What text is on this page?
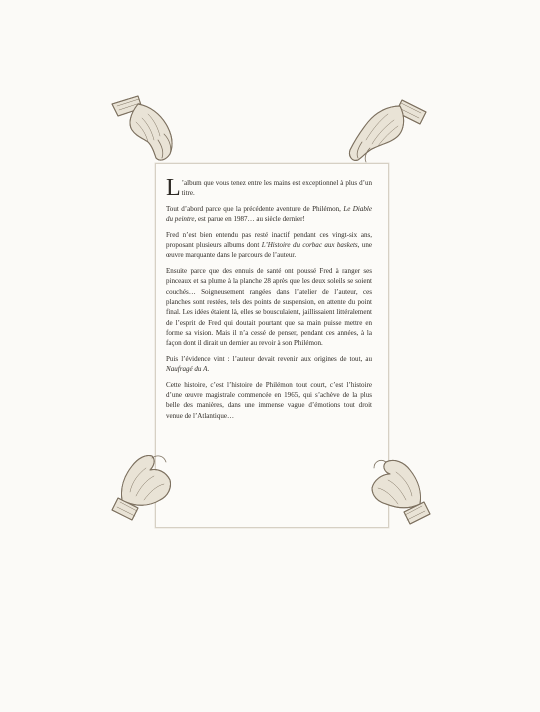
L ’album que vous tenez entre les mains est exceptionnel à plus d’un titre.

Tout d’abord parce que la précédente aventure de Philémon, Le Diable du peintre, est parue en 1987… au siècle dernier!

Fred n’est bien entendu pas resté inactif pendant ces vingt-six ans, proposant plusieurs albums dont L’Histoire du corbac aux baskets, une œuvre marquante dans le parcours de l’auteur.

Ensuite parce que des ennuis de santé ont poussé Fred à ranger ses pinceaux et sa plume à la planche 28 après que les deux soleils se soient couchés… Soigneusement rangées dans l’atelier de l’auteur, ces planches sont restées, tels des points de suspension, en attente du point final. Les idées étaient là, elles se bousculaient, jaillissaient littéralement de l’esprit de Fred qui doutait pourtant que sa main puisse mettre en forme sa vision. Mais il n’a cessé de penser, pendant ces années, à la façon dont il dirait un dernier au revoir à son Philémon.

Puis l’évidence vint : l’auteur devait revenir aux origines de tout, au Naufragé du A.

Cette histoire, c’est l’histoire de Philémon tout court, c’est l’histoire d’une œuvre magistrale commencée en 1965, qui s’achève de la plus belle des manières, dans une immense vague d’émotions tout droit venue de l’Atlantique…
